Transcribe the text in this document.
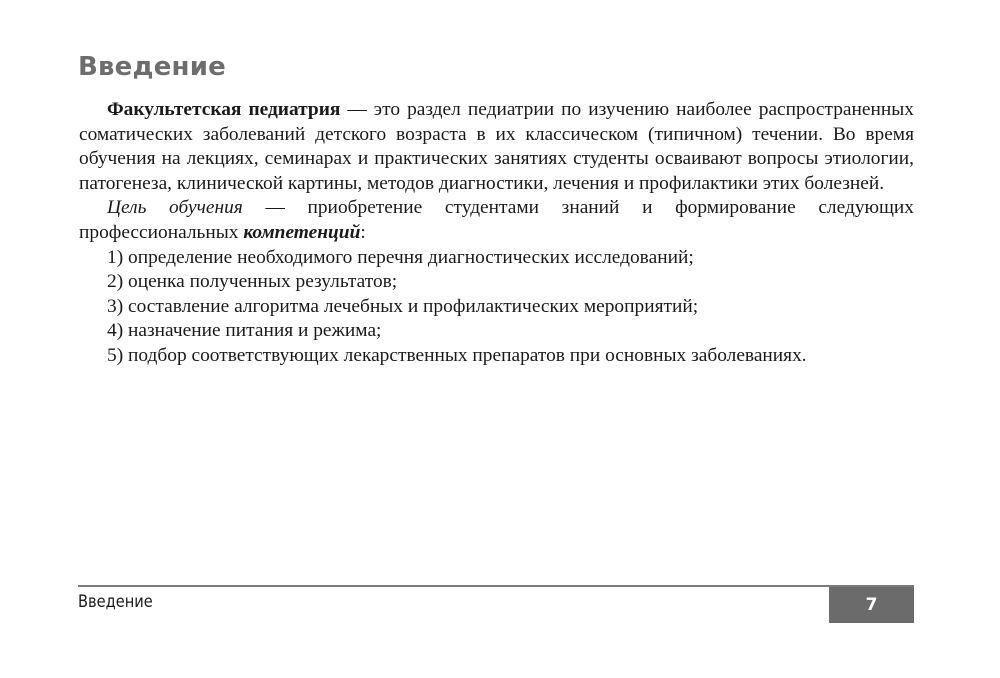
Введение

Факультетская педиатрия — это раздел педиатрии по изучению наиболее распространенных соматических заболеваний детского возраста в их классическом (типичном) течении. Во время обучения на лекциях, семинарах и практических занятиях студенты осваивают вопросы этиологии, патогенеза, клинической картины, методов диагностики, лечения и профилактики этих болезней.

Цель обучения — приобретение студентами знаний и формирование следующих профессиональных компетенций:

1) определение необходимого перечня диагностических исследований;
2) оценка полученных результатов;
3) составление алгоритма лечебных и профилактических мероприятий;
4) назначение питания и режима;
5) подбор соответствующих лекарственных препаратов при основных заболеваниях.
Введение	7
